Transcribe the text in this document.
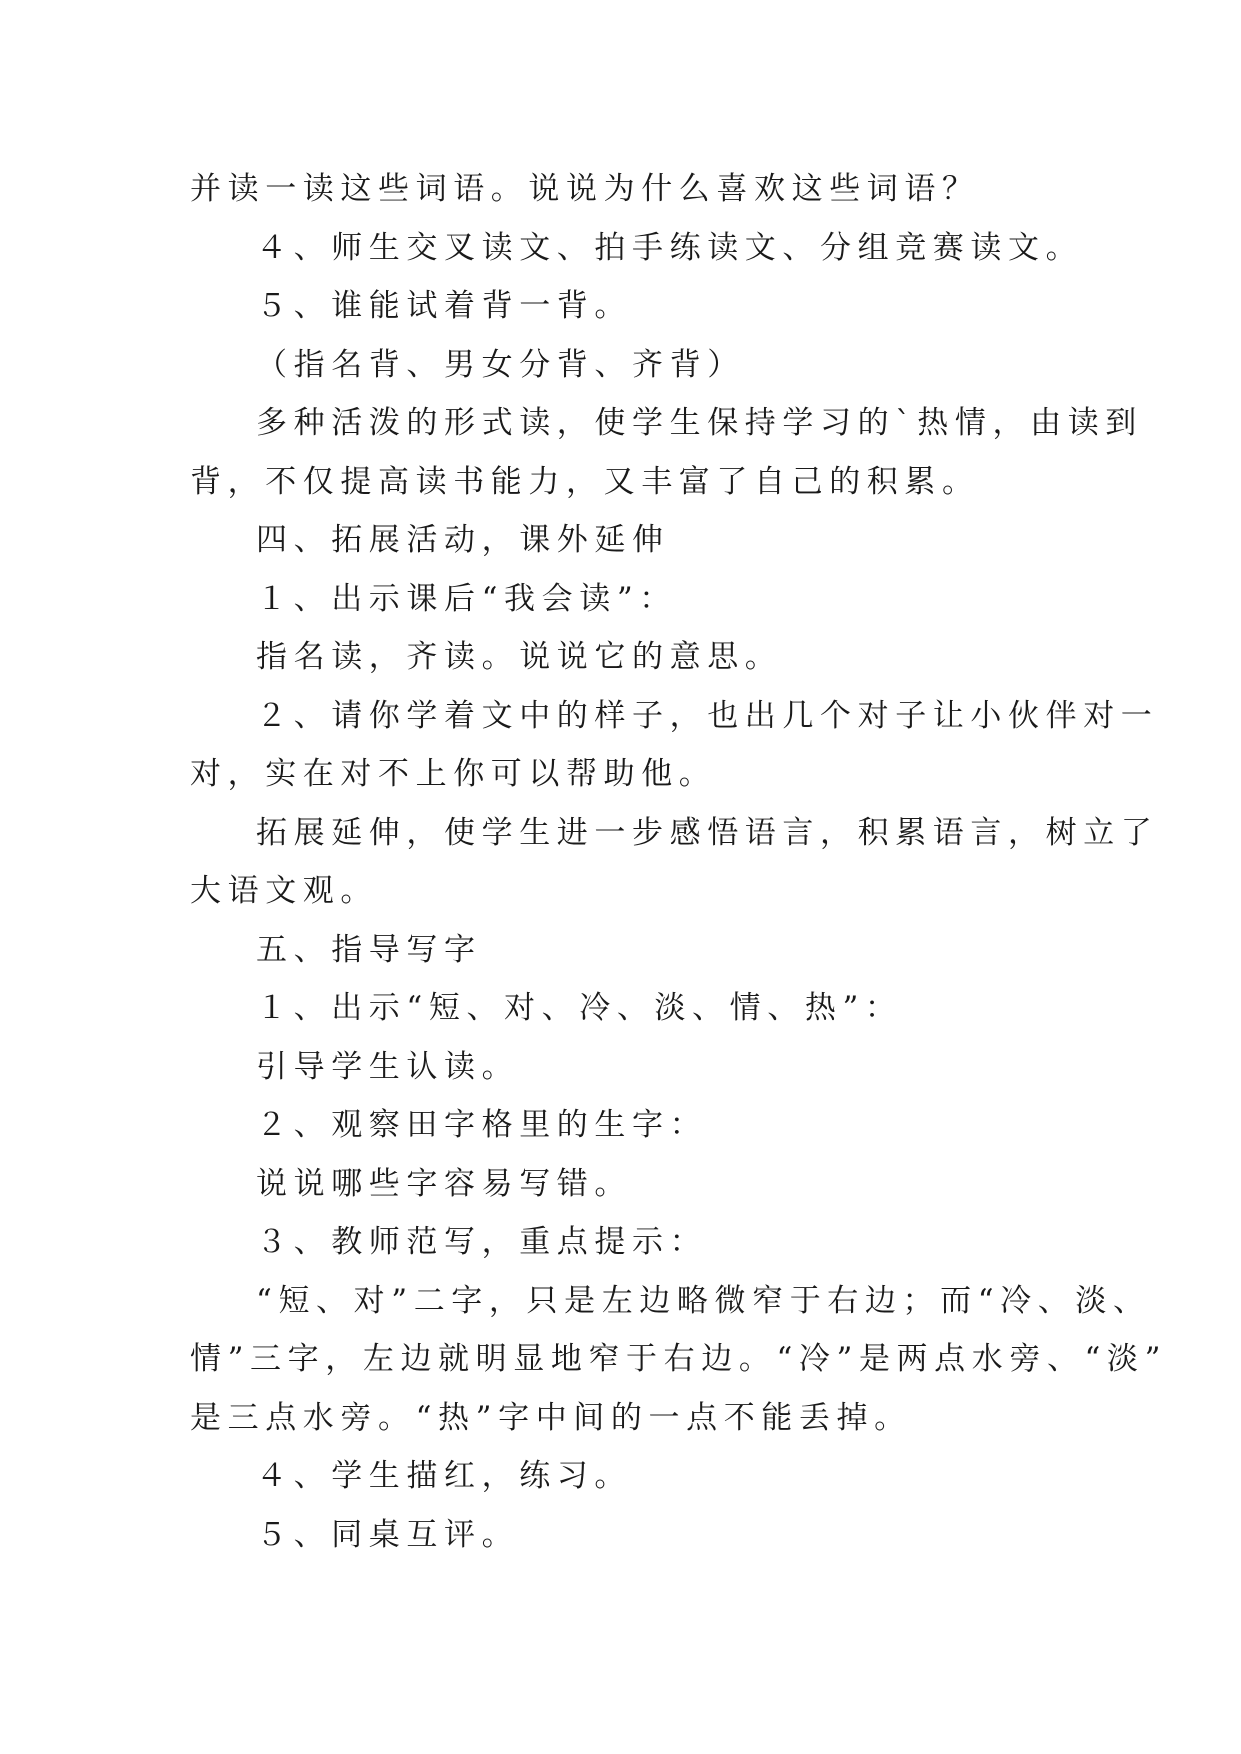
并读一读这些词语。说说为什么喜欢这些词语？
４、师生交叉读文、拍手练读文、分组竞赛读文。
５、谁能试着背一背。
（指名背、男女分背、齐背）
多种活泼的形式读，使学生保持学习的`热情，由读到
背，不仅提高读书能力，又丰富了自己的积累。
四、拓展活动，课外延伸
１、出示课后“我会读”：
指名读，齐读。说说它的意思。
２、请你学着文中的样子，也出几个对子让小伙伴对一
对，实在对不上你可以帮助他。
拓展延伸，使学生进一步感悟语言，积累语言，树立了
大语文观。
五、指导写字
１、出示“短、对、冷、淡、情、热”：
引导学生认读。
２、观察田字格里的生字：
说说哪些字容易写错。
３、教师范写，重点提示：
“短、对”二字，只是左边略微窄于右边；而“冷、淡、
情”三字，左边就明显地窄于右边。“冷”是两点水旁、“淡”
是三点水旁。“热”字中间的一点不能丢掉。
４、学生描红，练习。
５、同桌互评。
